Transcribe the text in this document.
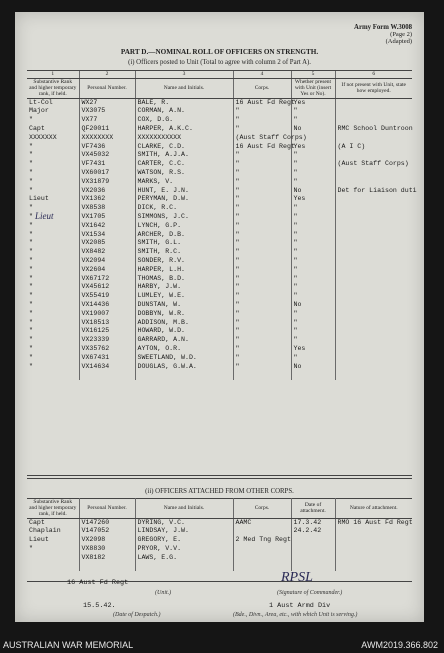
Army Form W.3008
(Page 2)
(Adapted)
PART D.—NOMINAL ROLL OF OFFICERS ON STRENGTH.
(i) Officers posted to Unit (Total to agree with column 2 of Part A).
1	2	3	4	5	6
Substantive Rank and higher temporary rank, if held.	Personal Number.	Name and Initials.	Corps.	Whether present with Unit (insert Yes or No).	If not present with Unit, state how employed.
Lt-Col	WX27	BALE, R.	16 Aust Fd Regt	Yes	
Major	VX3075	CORMAN, A.N.	"	"	
"	VX77	COX, D.G.	"	"	
Capt	QF20011	HARPER, A.K.C.	"	No	RMC School Duntroon
XXXXXXX	XXXXXXXX	XXXXXXXXXXX	(Aust Staff Corps)		
"	VF7436	CLARKE, C.D.	16 Aust Fd Regt	Yes	(A I C)
"	VX45032	SMITH, A.J.A.	"	"	
"	VF7431	CARTER, C.C.	"	"	(Aust Staff Corps)
"	VX60017	WATSON, R.S.	"	"	
"	VX31879	MARKS, V.	"	"	
"	VX2036	HUNT, E. J.N.	"	No	Det for Liaison duti
Lieut	VX1362	PERYMAN, D.W.	"	Yes	
"	VX8538	DICK, R.C.	"	"	
"	VX1705	SIMMONS, J.C.	"	"	
"	VX1642	LYNCH, G.P.	"	"	
"	VX1534	ARCHER, D.B.	"	"	
"	VX2085	SMITH, G.L.	"	"	
"	VX8482	SMITH, R.C.	"	"	
"	VX2094	SONDER, R.V.	"	"	
"	VX2604	HARPER, L.H.	"	"	
"	VX67172	THOMAS, B.D.	"	"	
"	VX45612	HARBY, J.W.	"	"	
"	VX55419	LUMLEY, W.E.	"	"	
"	VX14436	DUNSTAN, W.	"	No	
"	VX19007	DOBBYN, W.R.	"	"	
"	VX18513	ADDISON, M.B.	"	"	
"	VX16125	HOWARD, W.D.	"	"	
"	VX23339	GARRARD, A.N.	"	"	
"	VX35762	AYTON, O.R.	"	Yes	
"	VX67431	SWEETLAND, W.D.	"	"	
"	VX14634	DOUGLAS, G.W.A.	"	No	

(ii) OFFICERS ATTACHED FROM OTHER CORPS.
Substantive Rank and higher temporary rank, if held.	Personal Number.	Name and Initials.	Corps.	Date of attachment.	Nature of attachment.
Capt	V147260	DYRING, V.C.	AAMC	17.3.42	RMO 16 Aust Fd Regt
Chaplain	V147052	LINDSAY, J.W.		24.2.42	
Lieut	VX2098	GREGORY, E.	2 Med Tng Regt		
"	VX8830	PRYOR, V.V.			
	VX8182	LAWS, E.G.			

16 Aust Fd Regt
(Unit.)
RPSL
(Signature of Commander.)
15.5.42.
(Date of Despatch.)
1 Aust Armd Div
(Bde., Divn., Area, etc., with which Unit is serving.)
Lieut
AUSTRALIAN WAR MEMORIAL	AWM2019.366.802
